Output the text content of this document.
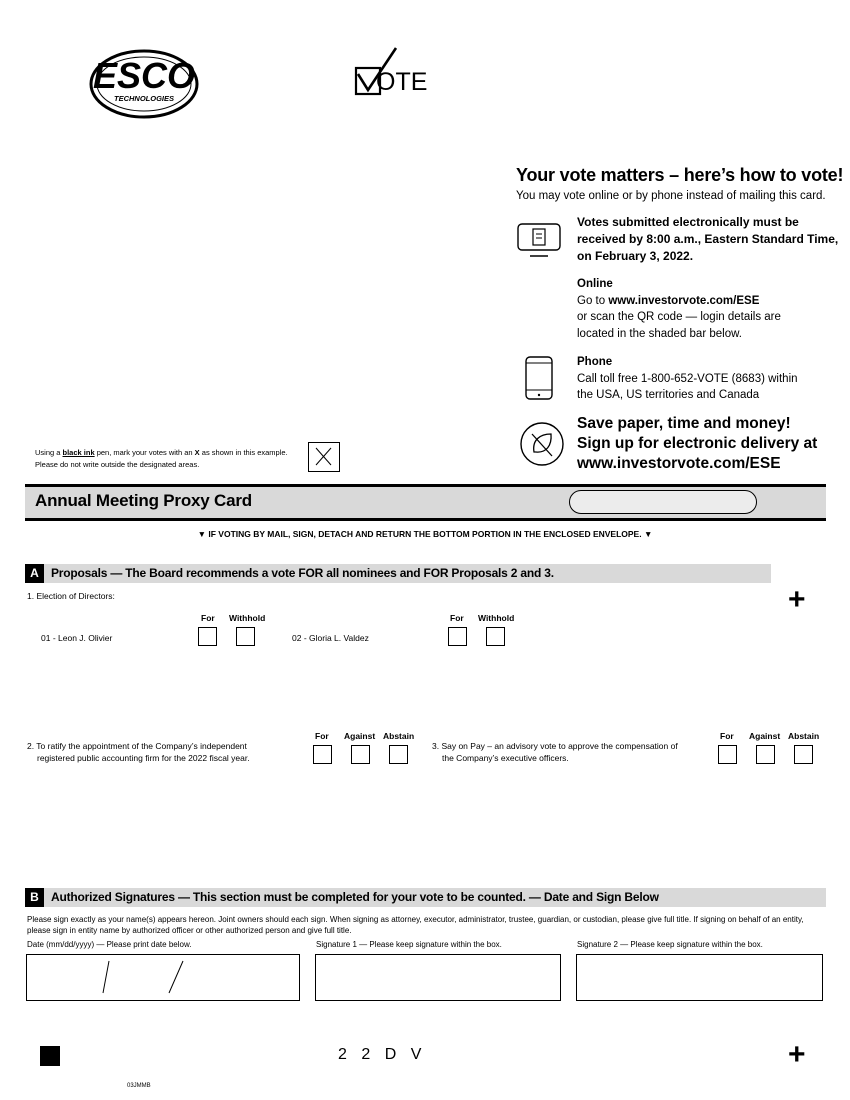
ESCO
TECHNOLOGIES
OTE
Your vote matters – here’s how to vote!
You may vote online or by phone instead of mailing this card.
Votes submitted electronically must be received by 8:00 a.m., Eastern Standard Time, on February 3, 2022.
Online
Go to www.investorvote.com/ESE
or scan the QR code — login details are
located in the shaded bar below.
Phone
Call toll free 1-800-652-VOTE (8683) within
the USA, US territories and Canada
Save paper, time and money!
Sign up for electronic delivery at
www.investorvote.com/ESE
Using a black ink pen, mark your votes with an X as shown in this example.
Please do not write outside the designated areas.
Annual Meeting Proxy Card
▼ IF VOTING BY MAIL, SIGN, DETACH AND RETURN THE BOTTOM PORTION IN THE ENCLOSED ENVELOPE. ▼
A	Proposals — The Board recommends a vote FOR all nominees and FOR Proposals 2 and 3.
+
1. Election of Directors:
For Withhold
01 - Leon J. Olivier
For Withhold
02 - Gloria L. Valdez
2. To ratify the appointment of the Company’s independent
registered public accounting firm for the 2022 fiscal year.
For Against Abstain
3. Say on Pay – an advisory vote to approve the compensation of
the Company’s executive officers.
For Against Abstain
B	Authorized Signatures — This section must be completed for your vote to be counted. — Date and Sign Below
Please sign exactly as your name(s) appears hereon. Joint owners should each sign. When signing as attorney, executor, administrator, trustee, guardian, or custodian, please give full title. If signing on behalf of an entity, please sign in entity name by authorized officer or other authorized person and give full title.
Date (mm/dd/yyyy) — Please print date below.	Signature 1 — Please keep signature within the box.	Signature 2 — Please keep signature within the box.
2 2 D V	+
03JMMB
